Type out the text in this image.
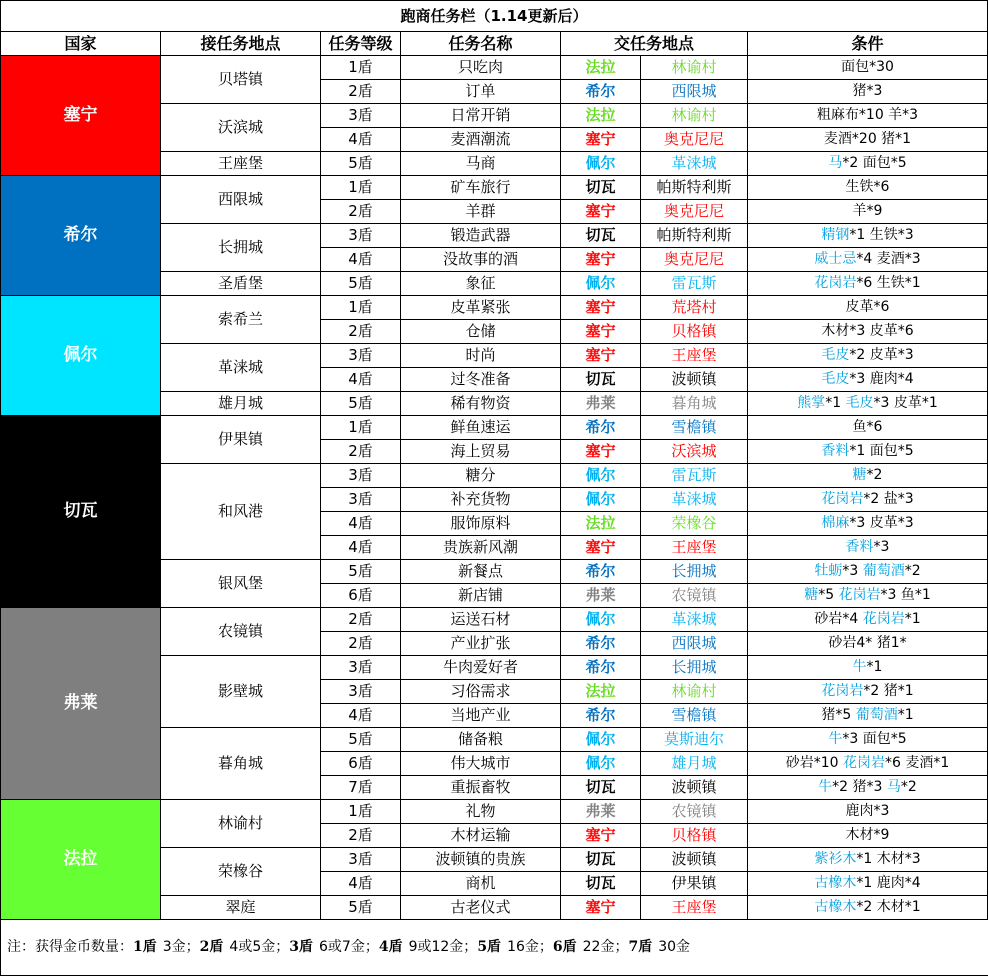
跑商任务栏（1.14更新后）						
国家	接任务地点	任务等级	任务名称	交任务地点		条件
塞宁	贝塔镇	1盾	只吃肉	法拉	林谕村	面包*30
		2盾	订单	希尔	西限城	猪*3
	沃滨城	3盾	日常开销	法拉	林谕村	粗麻布*10 羊*3
		4盾	麦酒潮流	塞宁	奥克尼尼	麦酒*20 猪*1
	王座堡	5盾	马商	佩尔	革涞城	马*2 面包*5
希尔	西限城	1盾	矿车旅行	切瓦	帕斯特利斯	生铁*6
		2盾	羊群	塞宁	奥克尼尼	羊*9
	长拥城	3盾	锻造武器	切瓦	帕斯特利斯	精钢*1 生铁*3
		4盾	没故事的酒	塞宁	奥克尼尼	威士忌*4 麦酒*3
	圣盾堡	5盾	象征	佩尔	雷瓦斯	花岗岩*6 生铁*1
佩尔	索希兰	1盾	皮革紧张	塞宁	荒塔村	皮革*6
		2盾	仓储	塞宁	贝格镇	木材*3 皮革*6
	革涞城	3盾	时尚	塞宁	王座堡	毛皮*2 皮革*3
		4盾	过冬准备	切瓦	波顿镇	毛皮*3 鹿肉*4
	雄月城	5盾	稀有物资	弗莱	暮角城	熊掌*1 毛皮*3 皮革*1
切瓦	伊果镇	1盾	鲜鱼速运	希尔	雪檐镇	鱼*6
		2盾	海上贸易	塞宁	沃滨城	香料*1 面包*5
	和风港	3盾	糖分	佩尔	雷瓦斯	糖*2
		3盾	补充货物	佩尔	革涞城	花岗岩*2 盐*3
		4盾	服饰原料	法拉	荣橡谷	棉麻*3 皮革*3
		4盾	贵族新风潮	塞宁	王座堡	香料*3
	银风堡	5盾	新餐点	希尔	长拥城	牡蛎*3 葡萄酒*2
		6盾	新店铺	弗莱	农镜镇	糖*5 花岗岩*3 鱼*1
弗莱	农镜镇	2盾	运送石材	佩尔	革涞城	砂岩*4 花岗岩*1
		2盾	产业扩张	希尔	西限城	砂岩4* 猪1*
	影壁城	3盾	牛肉爱好者	希尔	长拥城	牛*1
		3盾	习俗需求	法拉	林谕村	花岗岩*2 猪*1
		4盾	当地产业	希尔	雪檐镇	猪*5 葡萄酒*1
	暮角城	5盾	储备粮	佩尔	莫斯迪尔	牛*3 面包*5
		6盾	伟大城市	佩尔	雄月城	砂岩*10 花岗岩*6 麦酒*1
		7盾	重振畜牧	切瓦	波顿镇	牛*2 猪*3 马*2
法拉	林谕村	1盾	礼物	弗莱	农镜镇	鹿肉*3
		2盾	木材运输	塞宁	贝格镇	木材*9
	荣橡谷	3盾	波顿镇的贵族	切瓦	波顿镇	紫衫木*1 木材*3
		4盾	商机	切瓦	伊果镇	古橡木*1 鹿肉*4
	翠庭	5盾	古老仪式	塞宁	王座堡	古橡木*2 木材*1
注：获得金币数量：1盾 3金；2盾 4或5金；3盾 6或7金；4盾 9或12金；5盾 16金；6盾 22金；7盾 30金						
